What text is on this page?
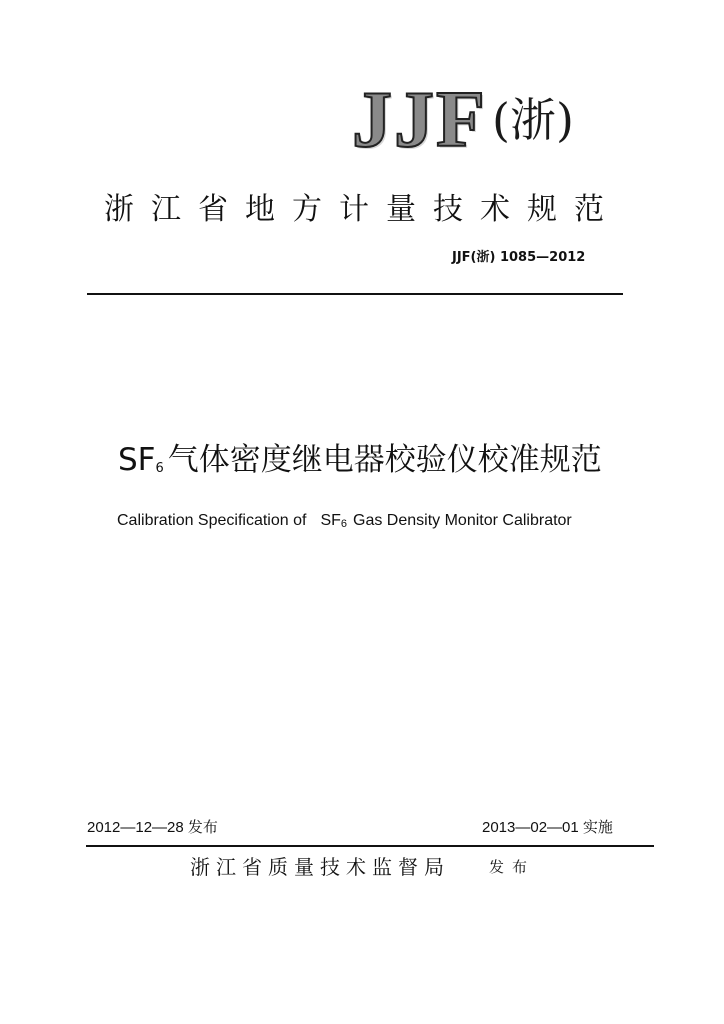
JJF (浙)
浙江省地方计量技术规范
JJF(浙) 1085—2012
$SF_6$ 气体密度继电器校验仪校准规范
Calibration Specification of $SF_6$ Gas Density Monitor Calibrator
2012—12—28 发布	2013—02—01 实施
浙江省质量技术监督局	发布
